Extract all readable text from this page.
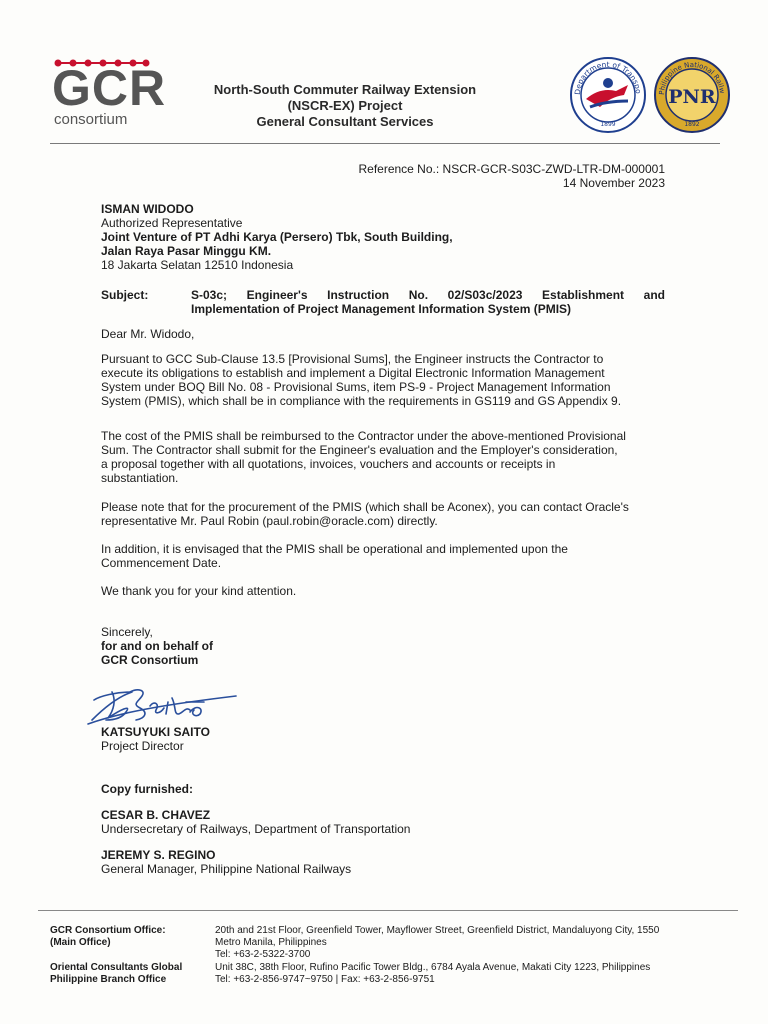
GCR
consortium
North-South Commuter Railway Extension
(NSCR-EX) Project
General Consultant Services
Department of Transpo
1899
Philippine National Railw
PNR
1892
Reference No.: NSCR-GCR-S03C-ZWD-LTR-DM-000001
14 November 2023
ISMAN WIDODO
Authorized Representative
Joint Venture of PT Adhi Karya (Persero) Tbk, South Building,
Jalan Raya Pasar Minggu KM.
18 Jakarta Selatan 12510 Indonesia
Subject:	S-03c; Engineer's Instruction No. 02/S03c/2023 Establishment and
Implementation of Project Management Information System (PMIS)
Dear Mr. Widodo,

Pursuant to GCC Sub-Clause 13.5 [Provisional Sums], the Engineer instructs the Contractor to

execute its obligations to establish and implement a Digital Electronic Information Management

System under BOQ Bill No. 08 - Provisional Sums, item PS-9 - Project Management Information

System (PMIS), which shall be in compliance with the requirements in GS119 and GS Appendix 9.

The cost of the PMIS shall be reimbursed to the Contractor under the above-mentioned Provisional

Sum. The Contractor shall submit for the Engineer's evaluation and the Employer's consideration,

a proposal together with all quotations, invoices, vouchers and accounts or receipts in

substantiation.

Please note that for the procurement of the PMIS (which shall be Aconex), you can contact Oracle's

representative Mr. Paul Robin (paul.robin@oracle.com) directly.

In addition, it is envisaged that the PMIS shall be operational and implemented upon the

Commencement Date.

We thank you for your kind attention.

Sincerely,
for and on behalf of
GCR Consortium
KATSUYUKI SAITO
Project Director
Copy furnished:
CESAR B. CHAVEZ
Undersecretary of Railways, Department of Transportation
JEREMY S. REGINO
General Manager, Philippine National Railways
GCR Consortium Office:
(Main Office)
20th and 21st Floor, Greenfield Tower, Mayflower Street, Greenfield District, Mandaluyong City, 1550
Metro Manila, Philippines
Tel: +63-2-5322-3700
Oriental Consultants Global
Philippine Branch Office
Unit 38C, 38th Floor, Rufino Pacific Tower Bldg., 6784 Ayala Avenue, Makati City 1223, Philippines
Tel: +63-2-856-9747~9750 | Fax: +63-2-856-9751
